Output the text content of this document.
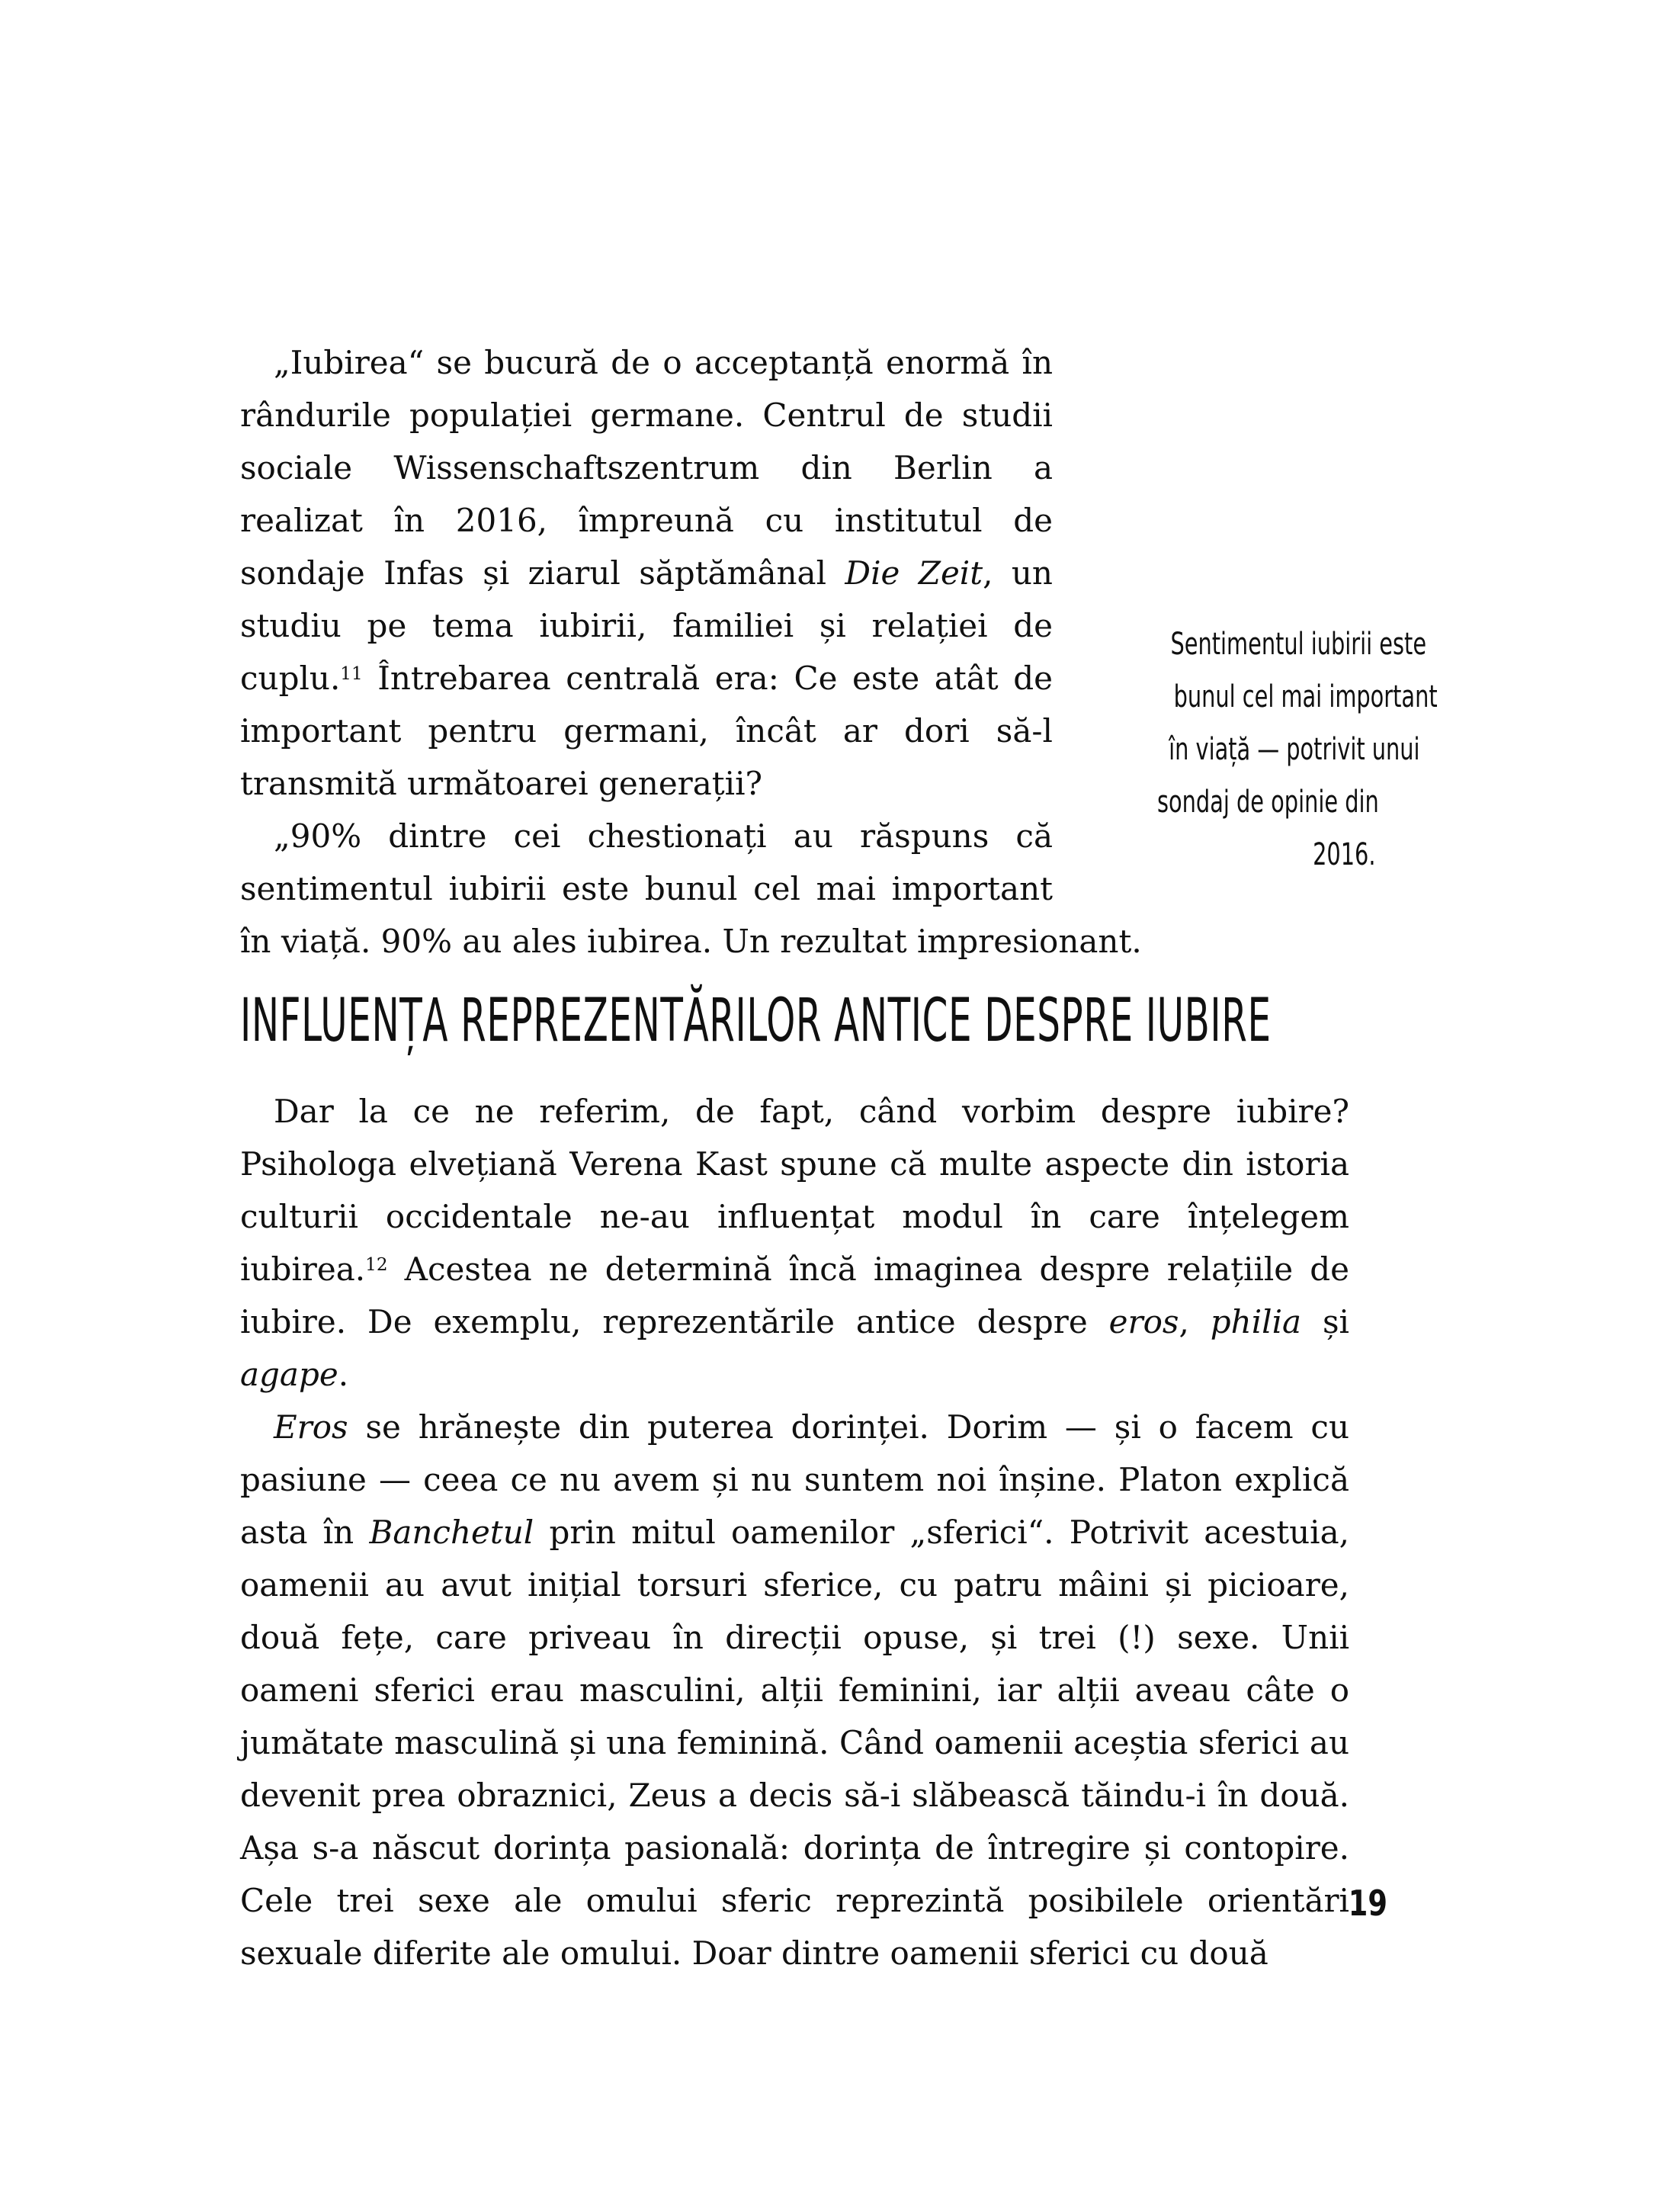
Sentimentul iubirii este
bunul cel mai important
în viață — potrivit unui
sondaj de opinie din
2016.

„Iubirea“ se bucură de o acceptanță enormă în rândurile populației germane. Centrul de studii sociale Wissenschaftszentrum din Berlin a realizat în 2016, împreună cu institutul de sondaje Infas și ziarul săptămânal Die Zeit, un studiu pe tema iubirii, familiei și relației de cuplu.$^{11}$ Întrebarea centrală era: Ce este atât de important pentru germani, încât ar dori să-l transmită următoarei generații?

„90% dintre cei chestionați au răspuns că sentimentul iubirii este bunul cel mai important în viață. 90% au ales iubirea. Un rezultat impresionant.

INFLUENȚA REPREZENTĂRILOR ANTICE DESPRE IUBIRE

Dar la ce ne referim, de fapt, când vorbim despre iubire? Psihologa elvețiană Verena Kast spune că multe aspecte din istoria culturii occidentale ne-au influențat modul în care înțelegem iubirea.$^{12}$ Acestea ne determină încă imaginea despre relațiile de iubire. De exemplu, reprezentările antice despre eros, philia și agape.

Eros se hrănește din puterea dorinței. Dorim — și o facem cu pasiune — ceea ce nu avem și nu suntem noi înșine. Platon explică asta în Banchetul prin mitul oamenilor „sferici“. Potrivit acestuia, oamenii au avut inițial torsuri sferice, cu patru mâini și picioare, două fețe, care priveau în direcții opuse, și trei (!) sexe. Unii oameni sferici erau masculini, alții feminini, iar alții aveau câte o jumătate masculină și una feminină. Când oamenii aceștia sferici au devenit prea obraznici, Zeus a decis să-i slăbească tăindu-i în două. Așa s-a născut dorința pasională: dorința de întregire și contopire. Cele trei sexe ale omului sferic reprezintă posibilele orientări sexuale diferite ale omului. Doar dintre oamenii sferici cu două

19
